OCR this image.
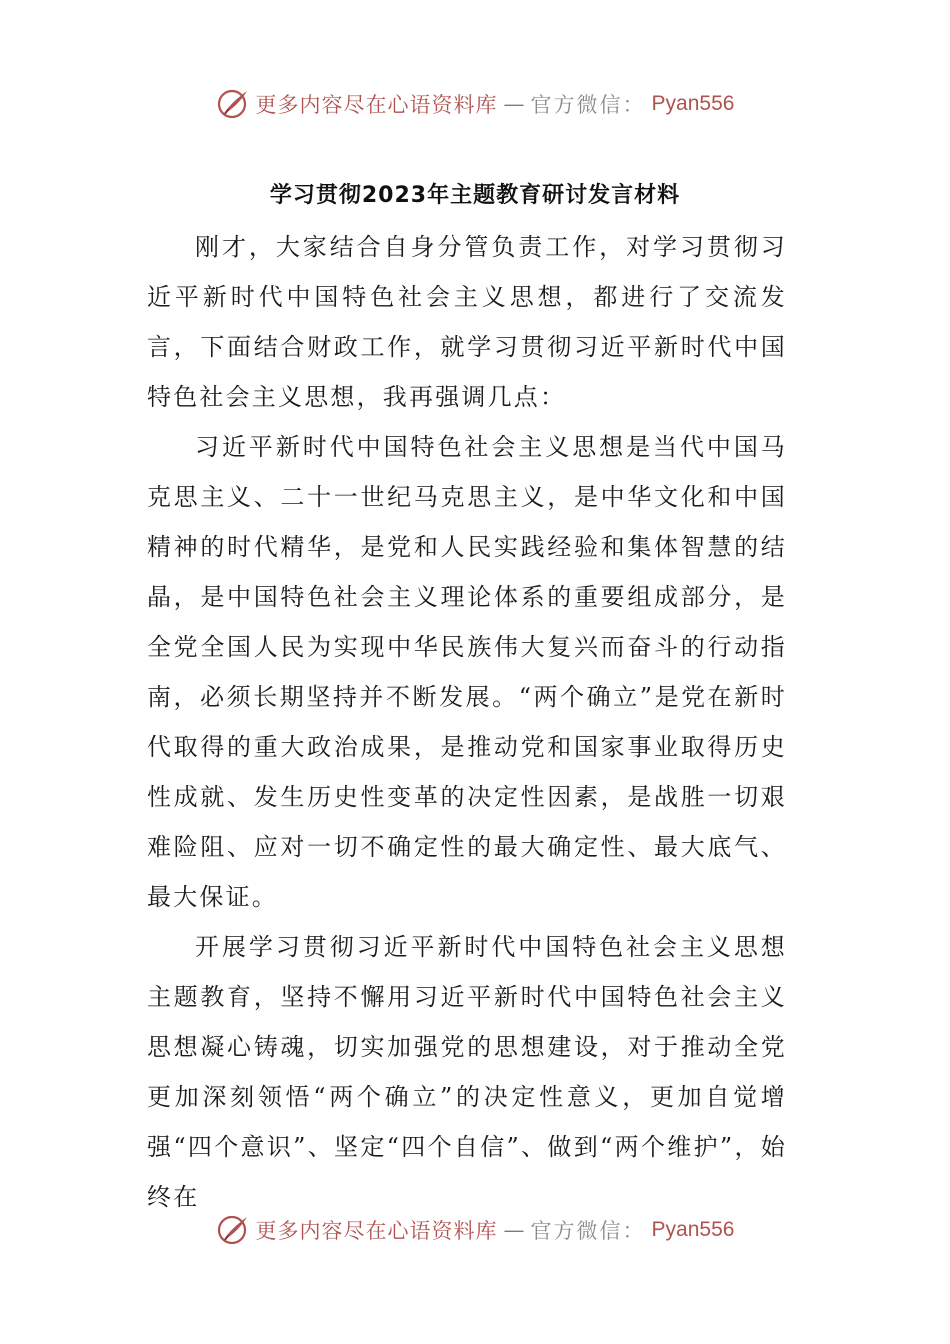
更多内容尽在心语资料库 — 官方微信： Pyan556
学习贯彻2023年主题教育研讨发言材料

刚才，大家结合自身分管负责工作，对学习贯彻习近平新时代中国特色社会主义思想，都进行了交流发言，下面结合财政工作，就学习贯彻习近平新时代中国特色社会主义思想，我再强调几点：

习近平新时代中国特色社会主义思想是当代中国马克思主义、二十一世纪马克思主义，是中华文化和中国精神的时代精华，是党和人民实践经验和集体智慧的结晶，是中国特色社会主义理论体系的重要组成部分，是全党全国人民为实现中华民族伟大复兴而奋斗的行动指南，必须长期坚持并不断发展。“两个确立”是党在新时代取得的重大政治成果，是推动党和国家事业取得历史性成就、发生历史性变革的决定性因素，是战胜一切艰难险阻、应对一切不确定性的最大确定性、最大底气、最大保证。

开展学习贯彻习近平新时代中国特色社会主义思想主题教育，坚持不懈用习近平新时代中国特色社会主义思想凝心铸魂，切实加强党的思想建设，对于推动全党更加深刻领悟“两个确立”的决定性意义，更加自觉增强“四个意识”、坚定“四个自信”、做到“两个维护”，始终在

更多内容尽在心语资料库 — 官方微信： Pyan556
